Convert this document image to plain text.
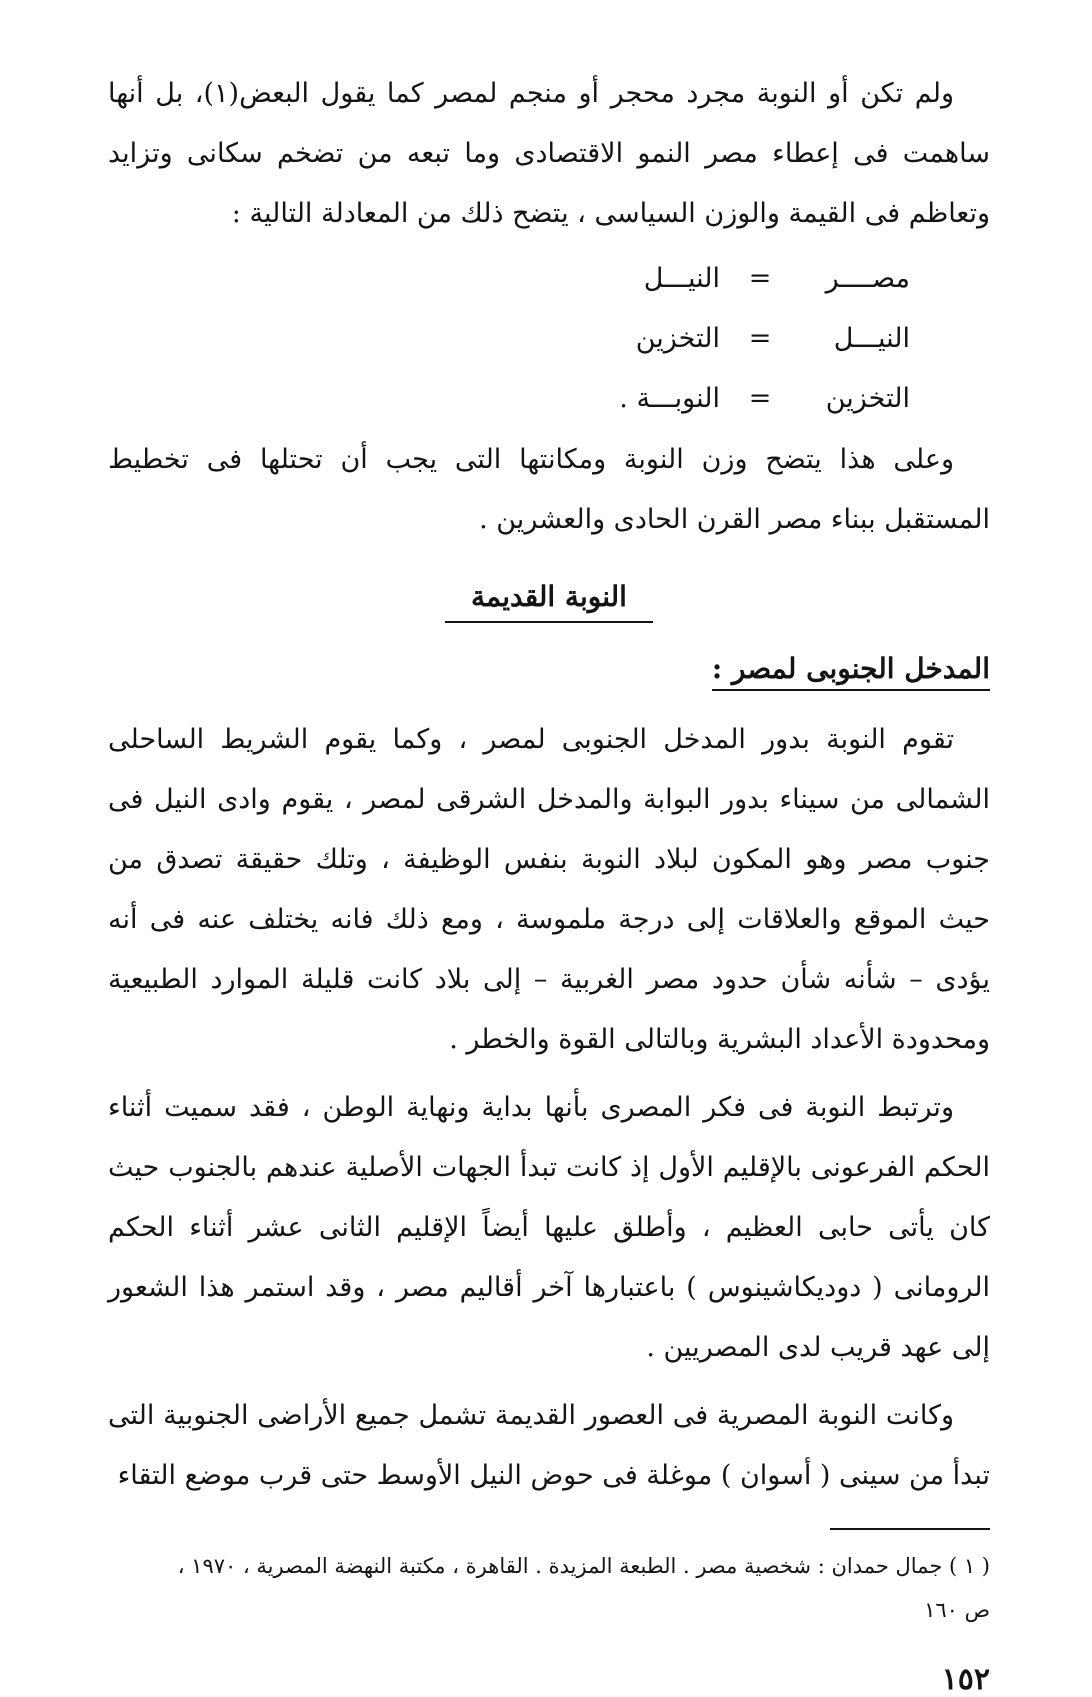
ولم تكن أو النوبة مجرد محجر أو منجم لمصر كما يقول البعض(١)، بل أنها ساهمت فى إعطاء مصر النمو الاقتصادى وما تبعه من تضخم سكانى وتزايد وتعاظم فى القيمة والوزن السياسى ، يتضح ذلك من المعادلة التالية :

مصــــر
=
النيـــل
النيـــل
=
التخزين
التخزين
=
النوبـــة .

وعلى هذا يتضح وزن النوبة ومكانتها التى يجب أن تحتلها فى تخطيط المستقبل ببناء مصر القرن الحادى والعشرين .

النوبة القديمة
المدخل الجنوبى لمصر :

تقوم النوبة بدور المدخل الجنوبى لمصر ، وكما يقوم الشريط الساحلى الشمالى من سيناء بدور البوابة والمدخل الشرقى لمصر ، يقوم وادى النيل فى جنوب مصر وهو المكون لبلاد النوبة بنفس الوظيفة ، وتلك حقيقة تصدق من حيث الموقع والعلاقات إلى درجة ملموسة ، ومع ذلك فانه يختلف عنه فى أنه يؤدى – شأنه شأن حدود مصر الغربية – إلى بلاد كانت قليلة الموارد الطبيعية ومحدودة الأعداد البشرية وبالتالى القوة والخطر .

وترتبط النوبة فى فكر المصرى بأنها بداية ونهاية الوطن ، فقد سميت أثناء الحكم الفرعونى بالإقليم الأول إذ كانت تبدأ الجهات الأصلية عندهم بالجنوب حيث كان يأتى حابى العظيم ، وأطلق عليها أيضاً الإقليم الثانى عشر أثناء الحكم الرومانى ( دوديكاشينوس ) باعتبارها آخر أقاليم مصر ، وقد استمر هذا الشعور إلى عهد قريب لدى المصريين .

وكانت النوبة المصرية فى العصور القديمة تشمل جميع الأراضى الجنوبية التى تبدأ من سينى ( أسوان ) موغلة فى حوض النيل الأوسط حتى قرب موضع التقاء

( ١ ) جمال حمدان : شخصية مصر . الطبعة المزيدة . القاهرة ، مكتبة النهضة المصرية ، ١٩٧٠ ،

ص ١٦٠

١٥٢
